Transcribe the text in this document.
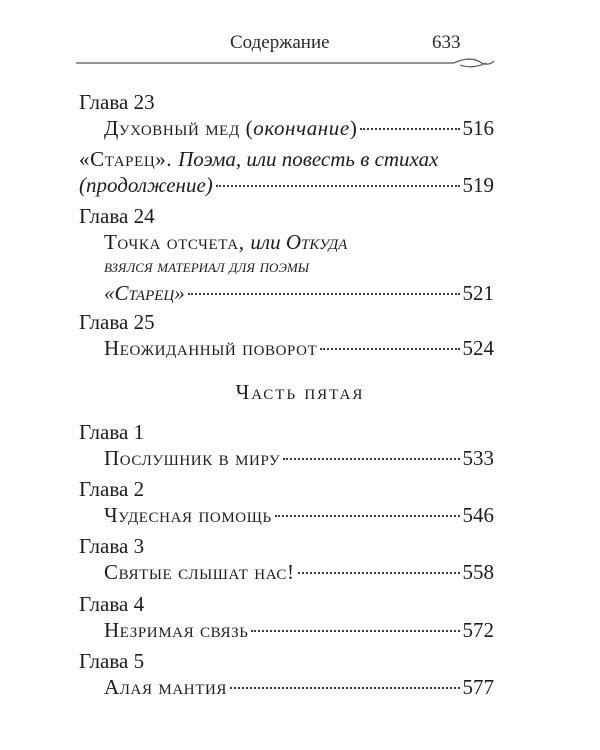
Содержание	633
Глава 23
Духовный мед (окончание)	516
«Старец». Поэма, или повесть в стихах
(продолжение)	519
Глава 24
Точка отсчета, или Откуда
взялся материал для поэмы
«Старец»	521
Глава 25
Неожиданный поворот	524
Часть пятая
Глава 1
Послушник в миру	533
Глава 2
Чудесная помощь	546
Глава 3
Святые слышат нас!	558
Глава 4
Незримая связь	572
Глава 5
Алая мантия	577
